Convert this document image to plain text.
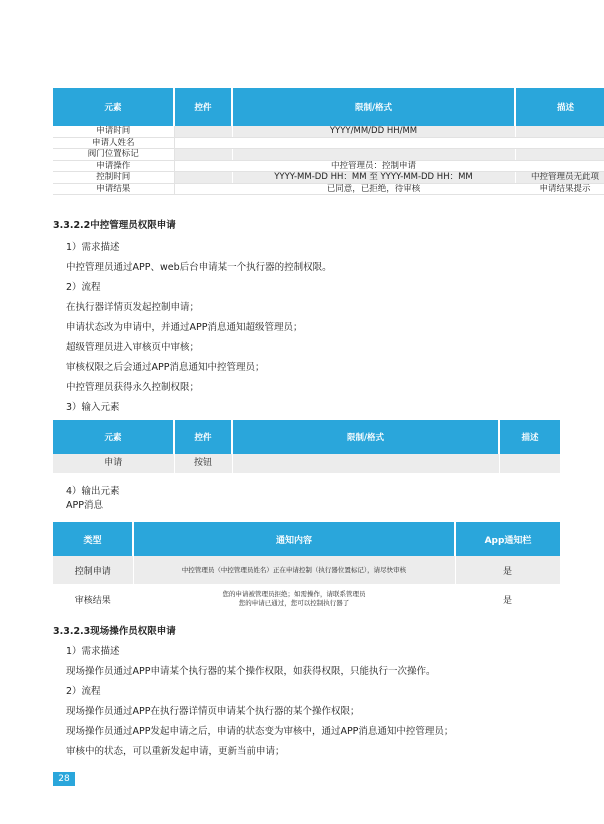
元素	控件	限制/格式	描述
申请时间		YYYY/MM/DD HH/MM	
申请人姓名			
阀门位置标记			
申请操作		中控管理员：控制申请	
控制时间		YYYY-MM-DD HH：MM 至 YYYY-MM-DD HH：MM	中控管理员无此项
申请结果		已同意，已拒绝，待审核	申请结果提示
3.3.2.2中控管理员权限申请
1）需求描述
中控管理员通过APP、web后台申请某一个执行器的控制权限。
2）流程
在执行器详情页发起控制申请；
申请状态改为申请中，并通过APP消息通知超级管理员；
超级管理员进入审核页中审核；
审核权限之后会通过APP消息通知中控管理员；
中控管理员获得永久控制权限；
3）输入元素
元素	控件	限制/格式	描述
申请	按钮		
4）输出元素
APP消息
类型	通知内容	App通知栏
控制申请	中控管理员（中控管理员姓名）正在申请控制（执行器位置标记），请尽快审核	是
审核结果	您的申请被管理员拒绝；如需操作，请联系管理员
您的申请已通过，您可以控制执行器了	是
3.3.2.3现场操作员权限申请
1）需求描述
现场操作员通过APP申请某个执行器的某个操作权限，如获得权限，只能执行一次操作。
2）流程
现场操作员通过APP在执行器详情页申请某个执行器的某个操作权限；
现场操作员通过APP发起申请之后，申请的状态变为审核中，通过APP消息通知中控管理员；
审核中的状态，可以重新发起申请，更新当前申请；
28
